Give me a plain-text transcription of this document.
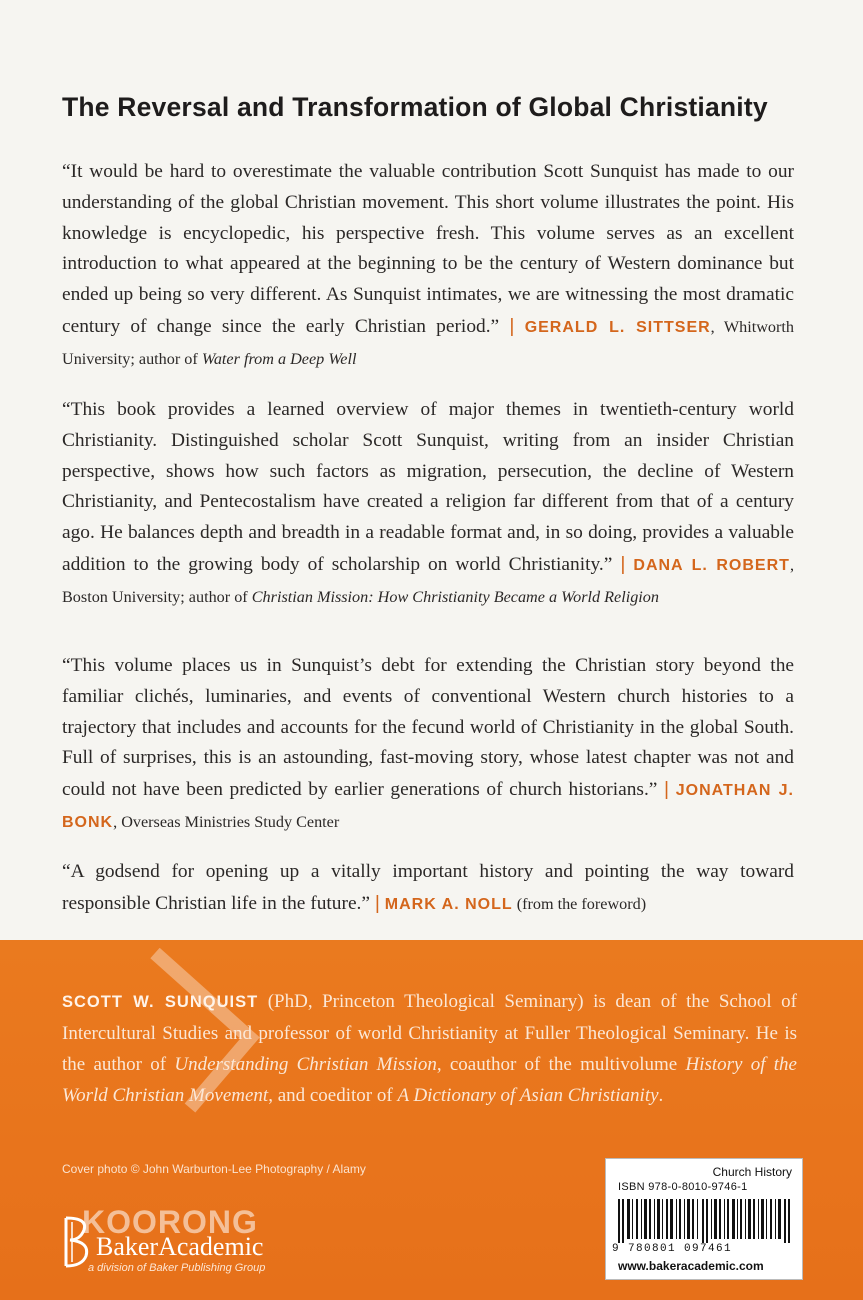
The Reversal and Transformation of Global Christianity
“It would be hard to overestimate the valuable contribution Scott Sunquist has made to our understanding of the global Christian movement. This short volume illustrates the point. His knowledge is encyclopedic, his perspective fresh. This volume serves as an excellent introduction to what appeared at the beginning to be the century of Western dominance but ended up being so very different. As Sunquist intimates, we are witnessing the most dramatic century of change since the early Christian period.” | GERALD L. SITTSER, Whitworth University; author of Water from a Deep Well
“This book provides a learned overview of major themes in twentieth-century world Christianity. Distinguished scholar Scott Sunquist, writing from an insider Christian perspective, shows how such factors as migration, persecution, the decline of Western Christianity, and Pentecostalism have created a religion far different from that of a century ago. He balances depth and breadth in a readable format and, in so doing, provides a valuable addition to the growing body of scholarship on world Christianity.” | DANA L. ROBERT, Boston University; author of Christian Mission: How Christianity Became a World Religion
“This volume places us in Sunquist’s debt for extending the Christian story beyond the familiar clichés, luminaries, and events of conventional Western church histories to a trajectory that includes and accounts for the fecund world of Christianity in the global South. Full of surprises, this is an astounding, fast-moving story, whose latest chapter was not and could not have been predicted by earlier generations of church historians.” | JONATHAN J. BONK, Overseas Ministries Study Center
“A godsend for opening up a vitally important history and pointing the way toward responsible Christian life in the future.” | MARK A. NOLL (from the foreword)
SCOTT W. SUNQUIST (PhD, Princeton Theological Seminary) is dean of the School of Intercultural Studies and professor of world Christianity at Fuller Theological Seminary. He is the author of Understanding Christian Mission, coauthor of the multivolume History of the World Christian Movement, and coeditor of A Dictionary of Asian Christianity.
Cover photo © John Warburton-Lee Photography / Alamy
KOORONG
BakerAcademic
a division of Baker Publishing Group
Church History
ISBN 978-0-8010-9746-1
9 780801 097461
www.bakeracademic.com
